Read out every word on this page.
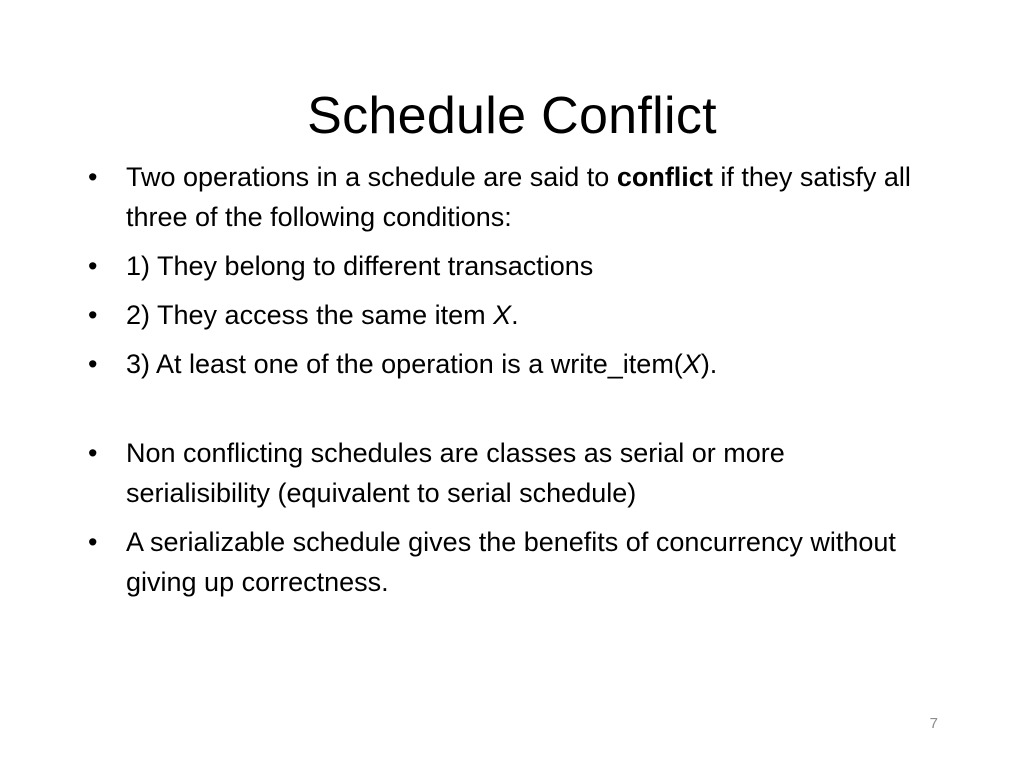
Schedule Conflict
•	Two operations in a schedule are said to conflict if they satisfy all three of the following conditions:
•	1) They belong to different transactions
•	2) They access the same item X.
•	3) At least one of the operation is a write_item(X).
•	Non conflicting schedules are classes as serial or more serialisibility (equivalent to serial schedule)
•	A serializable schedule gives the benefits of concurrency without giving up correctness.
7
